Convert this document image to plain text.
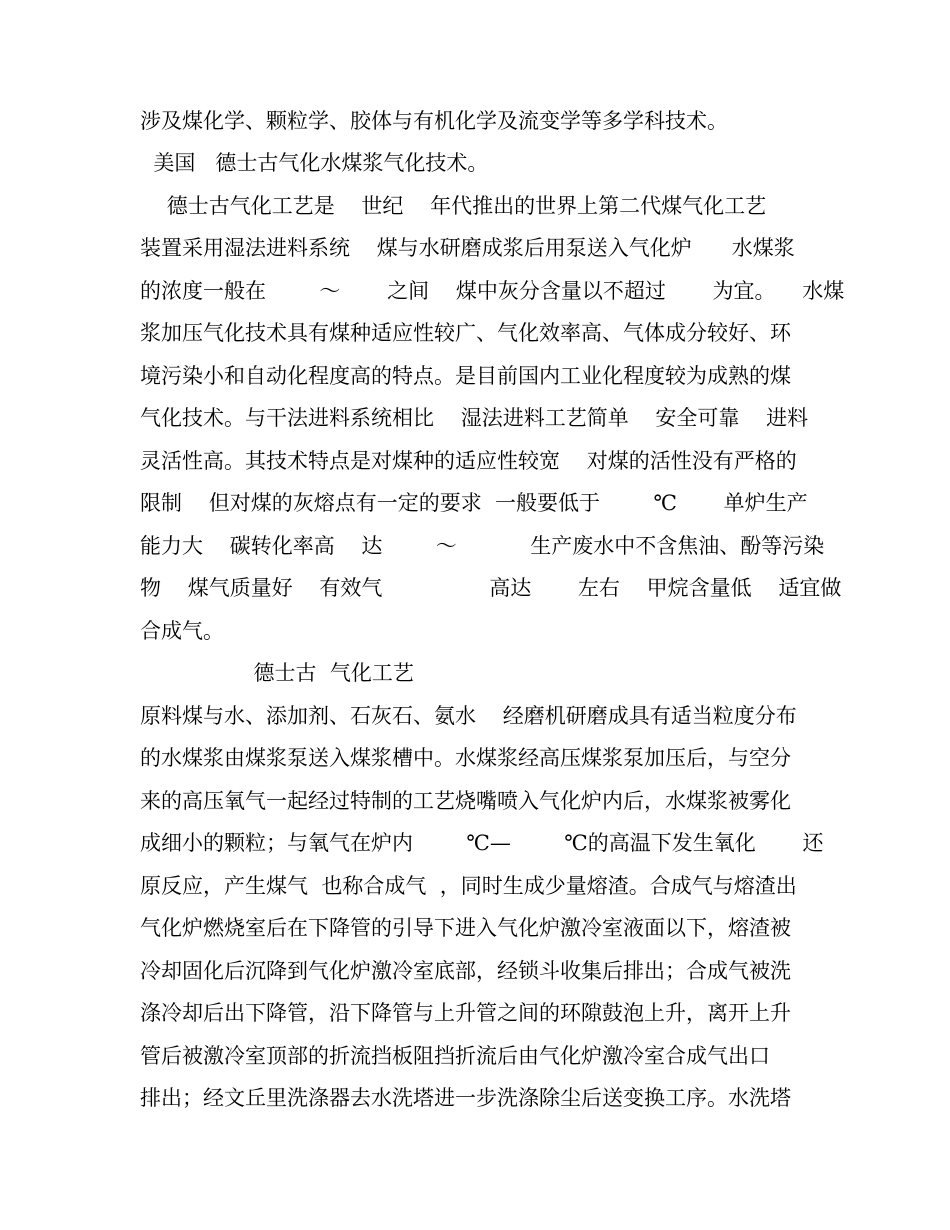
涉及煤化学、颗粒学、胶体与有机化学及流变学等多学科技术。
美国   德士古气化水煤浆气化技术。
德士古气化工艺是    世纪    年代推出的世界上第二代煤气化工艺
装置采用湿法进料系统    煤与水研磨成浆后用泵送入气化炉      水煤浆
的浓度一般在        ～       之间    煤中灰分含量以不超过       为宜。    水煤
浆加压气化技术具有煤种适应性较广、气化效率高、气体成分较好、环
境污染小和自动化程度高的特点。是目前国内工业化程度较为成熟的煤
气化技术。与干法进料系统相比    湿法进料工艺简单    安全可靠    进料
灵活性高。其技术特点是对煤种的适应性较宽    对煤的活性没有严格的
限制    但对煤的灰熔点有一定的要求  一般要低于        ℃       单炉生产
能力大    碳转化率高    达        ～           生产废水中不含焦油、酚等污染
物    煤气质量好    有效气                高达       左右    甲烷含量低    适宜做
合成气。
德士古  气化工艺
原料煤与水、添加剂、石灰石、氨水    经磨机研磨成具有适当粒度分布
的水煤浆由煤浆泵送入煤浆槽中。水煤浆经高压煤浆泵加压后，与空分
来的高压氧气一起经过特制的工艺烧嘴喷入气化炉内后，水煤浆被雾化
成细小的颗粒；与氧气在炉内        ℃—        ℃的高温下发生氧化       还
原反应，产生煤气  也称合成气  ，同时生成少量熔渣。合成气与熔渣出
气化炉燃烧室后在下降管的引导下进入气化炉激冷室液面以下，熔渣被
冷却固化后沉降到气化炉激冷室底部，经锁斗收集后排出；合成气被洗
涤冷却后出下降管，沿下降管与上升管之间的环隙鼓泡上升，离开上升
管后被激冷室顶部的折流挡板阻挡折流后由气化炉激冷室合成气出口
排出；经文丘里洗涤器去水洗塔进一步洗涤除尘后送变换工序。水洗塔
